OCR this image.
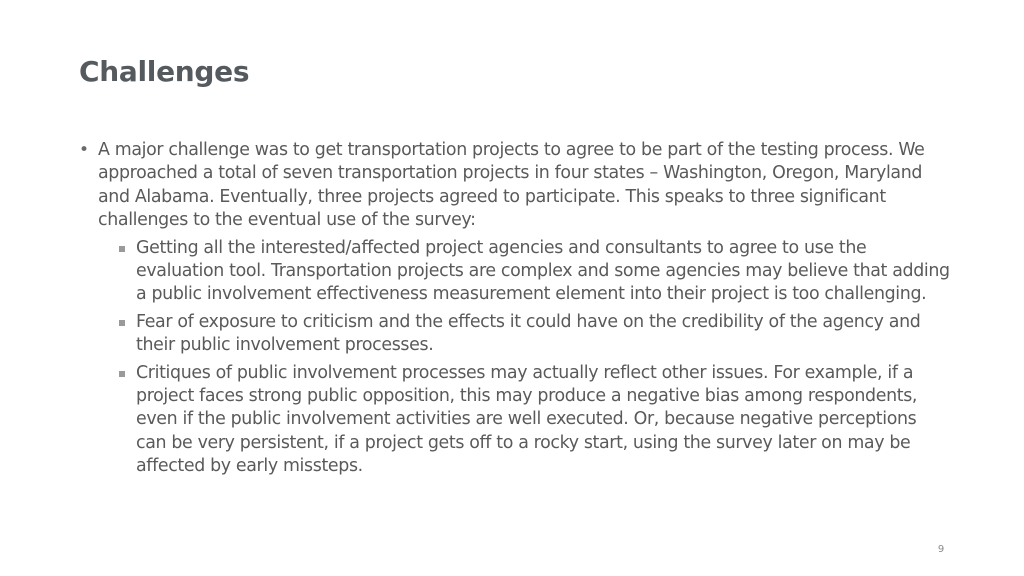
Challenges
• A major challenge was to get transportation projects to agree to be part of the testing process. We approached a total of seven transportation projects in four states – Washington, Oregon, Maryland and Alabama. Eventually, three projects agreed to participate. This speaks to three significant challenges to the eventual use of the survey:
Getting all the interested/affected project agencies and consultants to agree to use the evaluation tool. Transportation projects are complex and some agencies may believe that adding a public involvement effectiveness measurement element into their project is too challenging.
Fear of exposure to criticism and the effects it could have on the credibility of the agency and their public involvement processes.
Critiques of public involvement processes may actually reflect other issues. For example, if a project faces strong public opposition, this may produce a negative bias among respondents, even if the public involvement activities are well executed. Or, because negative perceptions can be very persistent, if a project gets off to a rocky start, using the survey later on may be affected by early missteps.
9
